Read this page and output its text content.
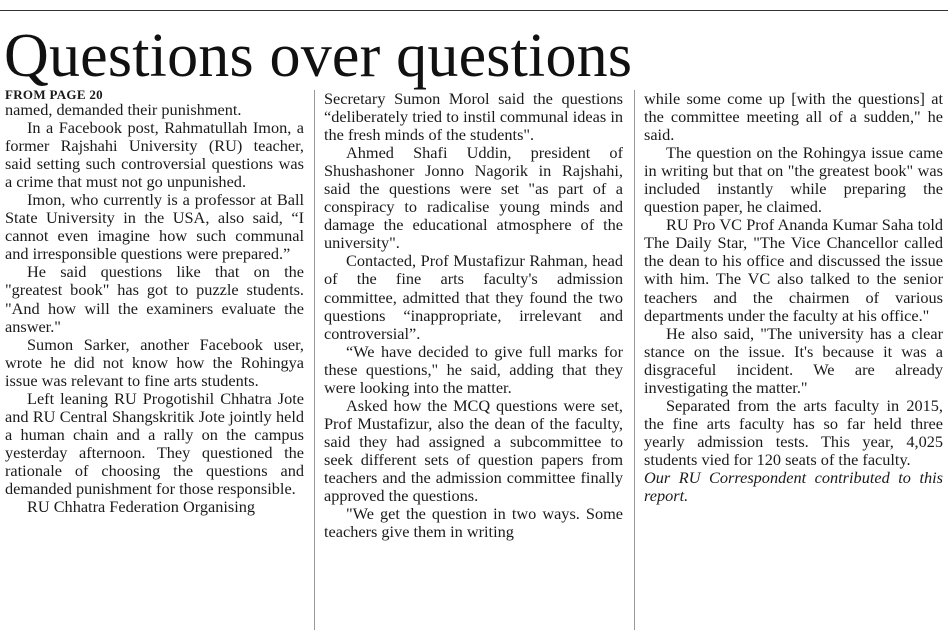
Questions over questions
FROM PAGE 20

named, demanded their punishment.

In a Facebook post, Rahmatullah Imon, a former Rajshahi University (RU) teacher, said setting such controversial questions was a crime that must not go unpunished.

Imon, who currently is a professor at Ball State University in the USA, also said, “I cannot even imagine how such communal and irresponsible questions were prepared.”

He said questions like that on the "greatest book" has got to puzzle students. "And how will the examiners evaluate the answer."

Sumon Sarker, another Facebook user, wrote he did not know how the Rohingya issue was relevant to fine arts students.

Left leaning RU Progotishil Chhatra Jote and RU Central Shangskritik Jote jointly held a human chain and a rally on the campus yesterday afternoon. They questioned the rationale of choosing the questions and demanded punishment for those responsible.

RU Chhatra Federation Organising

Secretary Sumon Morol said the questions “deliberately tried to instil communal ideas in the fresh minds of the students".

Ahmed Shafi Uddin, president of Shushashoner Jonno Nagorik in Rajshahi, said the questions were set "as part of a conspiracy to radicalise young minds and damage the educational atmosphere of the university".

Contacted, Prof Mustafizur Rahman, head of the fine arts faculty's admission committee, admitted that they found the two questions “inappropriate, irrelevant and controversial”.

“We have decided to give full marks for these questions," he said, adding that they were looking into the matter.

Asked how the MCQ questions were set, Prof Mustafizur, also the dean of the faculty, said they had assigned a subcommittee to seek different sets of question papers from teachers and the admission committee finally approved the questions.

"We get the question in two ways. Some teachers give them in writing

while some come up [with the questions] at the committee meeting all of a sudden," he said.

The question on the Rohingya issue came in writing but that on "the greatest book" was included instantly while preparing the question paper, he claimed.

RU Pro VC Prof Ananda Kumar Saha told The Daily Star, "The Vice Chancellor called the dean to his office and discussed the issue with him. The VC also talked to the senior teachers and the chairmen of various departments under the faculty at his office."

He also said, "The university has a clear stance on the issue. It's because it was a disgraceful incident. We are already investigating the matter."

Separated from the arts faculty in 2015, the fine arts faculty has so far held three yearly admission tests. This year, 4,025 students vied for 120 seats of the faculty.

Our RU Correspondent contributed to this report.
